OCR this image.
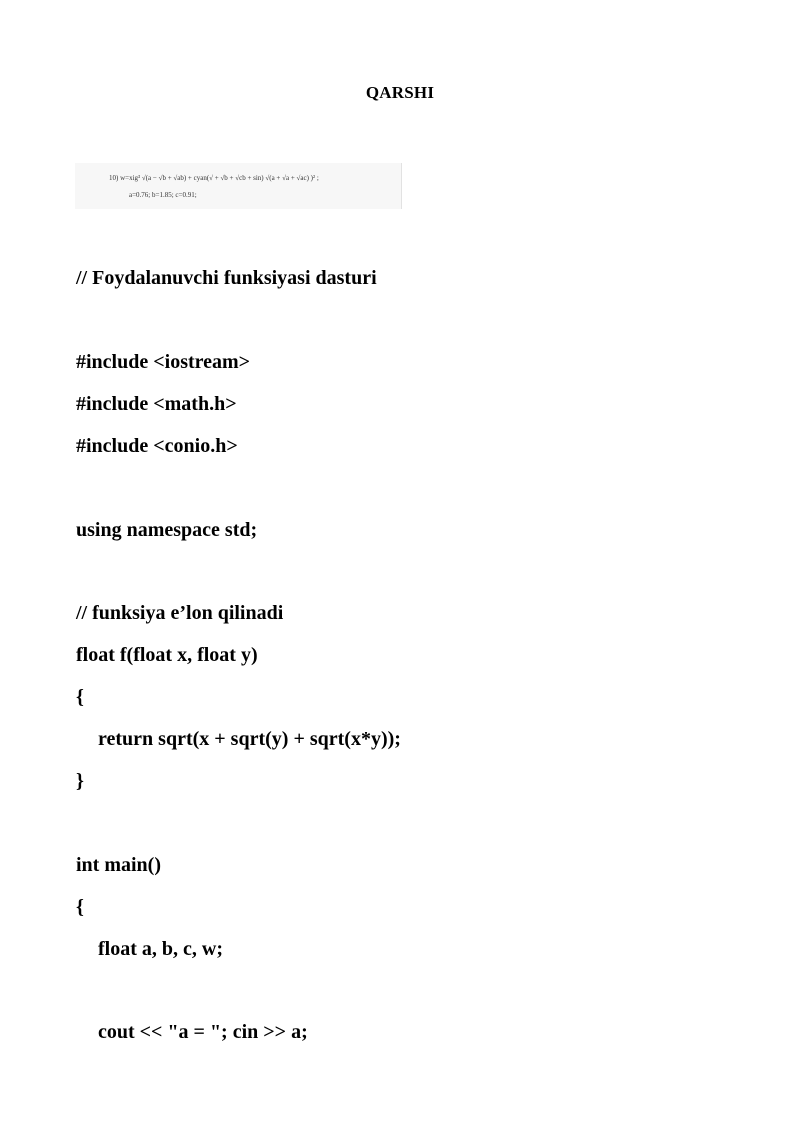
QARSHI
10) w=xig³ √(a − √b + √ab) + cyan(√ + √b + √cb + sin) √(a + √a + √ac) )² ;
a=0.76; b=1.85; c=0.91;
// Foydalanuvchi funksiyasi dasturi
#include <iostream>
#include <math.h>
#include <conio.h>
using namespace std;
// funksiya e’lon qilinadi
float f(float x, float y)
{
return sqrt(x + sqrt(y) + sqrt(x*y));
}
int main()
{
float a, b, c, w;
cout << "a = "; cin >> a;
